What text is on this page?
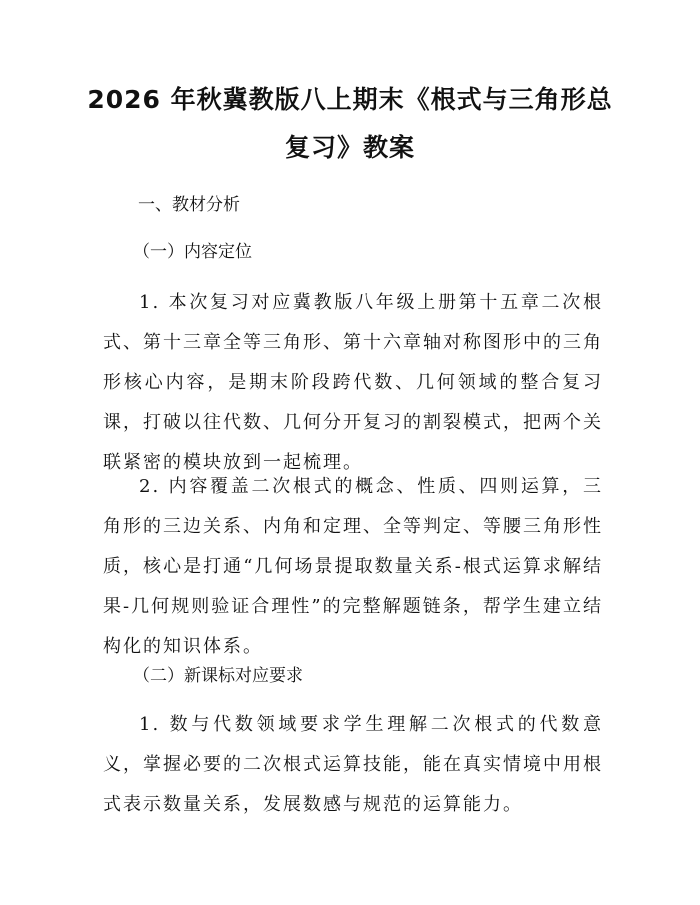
2026 年秋冀教版八上期末《根式与三角形总
复习》教案

一、教材分析

（一）内容定位

1. 本次复习对应冀教版八年级上册第十五章二次根式、第十三章全等三角形、第十六章轴对称图形中的三角形核心内容，是期末阶段跨代数、几何领域的整合复习课，打破以往代数、几何分开复习的割裂模式，把两个关联紧密的模块放到一起梳理。

2. 内容覆盖二次根式的概念、性质、四则运算，三角形的三边关系、内角和定理、全等判定、等腰三角形性质，核心是打通“几何场景提取数量关系-根式运算求解结果-几何规则验证合理性”的完整解题链条，帮学生建立结构化的知识体系。

（二）新课标对应要求

1. 数与代数领域要求学生理解二次根式的代数意义，掌握必要的二次根式运算技能，能在真实情境中用根式表示数量关系，发展数感与规范的运算能力。
